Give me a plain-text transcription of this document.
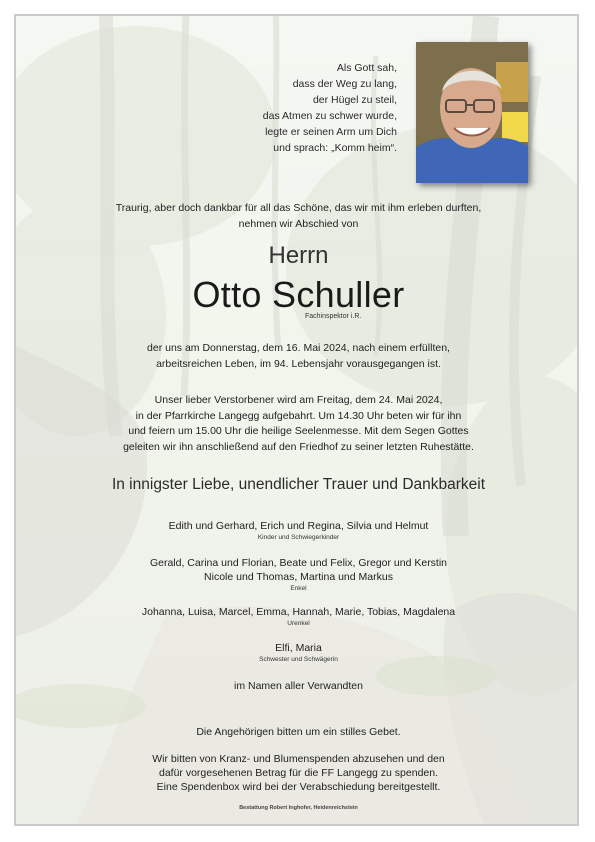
Als Gott sah,
dass der Weg zu lang,
der Hügel zu steil,
das Atmen zu schwer wurde,
legte er seinen Arm um Dich
und sprach: „Komm heim“.
Traurig, aber doch dankbar für all das Schöne, das wir mit ihm erleben durften,
nehmen wir Abschied von
Herrn
Otto Schuller
Fachinspektor i.R.
der uns am Donnerstag, dem 16. Mai 2024, nach einem erfüllten,
arbeitsreichen Leben, im 94. Lebensjahr vorausgegangen ist.
Unser lieber Verstorbener wird am Freitag, dem 24. Mai 2024,
in der Pfarrkirche Langegg aufgebahrt. Um 14.30 Uhr beten wir für ihn
und feiern um 15.00 Uhr die heilige Seelenmesse. Mit dem Segen Gottes
geleiten wir ihn anschließend auf den Friedhof zu seiner letzten Ruhestätte.
In innigster Liebe, unendlicher Trauer und Dankbarkeit
Edith und Gerhard, Erich und Regina, Silvia und Helmut
Kinder und Schwiegerkinder
Gerald, Carina und Florian, Beate und Felix, Gregor und Kerstin
Nicole und Thomas, Martina und Markus
Enkel
Johanna, Luisa, Marcel, Emma, Hannah, Marie, Tobias, Magdalena
Urenkel
Elfi, Maria
Schwester und Schwägerin
im Namen aller Verwandten
Die Angehörigen bitten um ein stilles Gebet.
Wir bitten von Kranz- und Blumenspenden abzusehen und den
dafür vorgesehenen Betrag für die FF Langegg zu spenden.
Eine Spendenbox wird bei der Verabschiedung bereitgestellt.
Bestattung Robert Inghofer, Heidenreichstein
